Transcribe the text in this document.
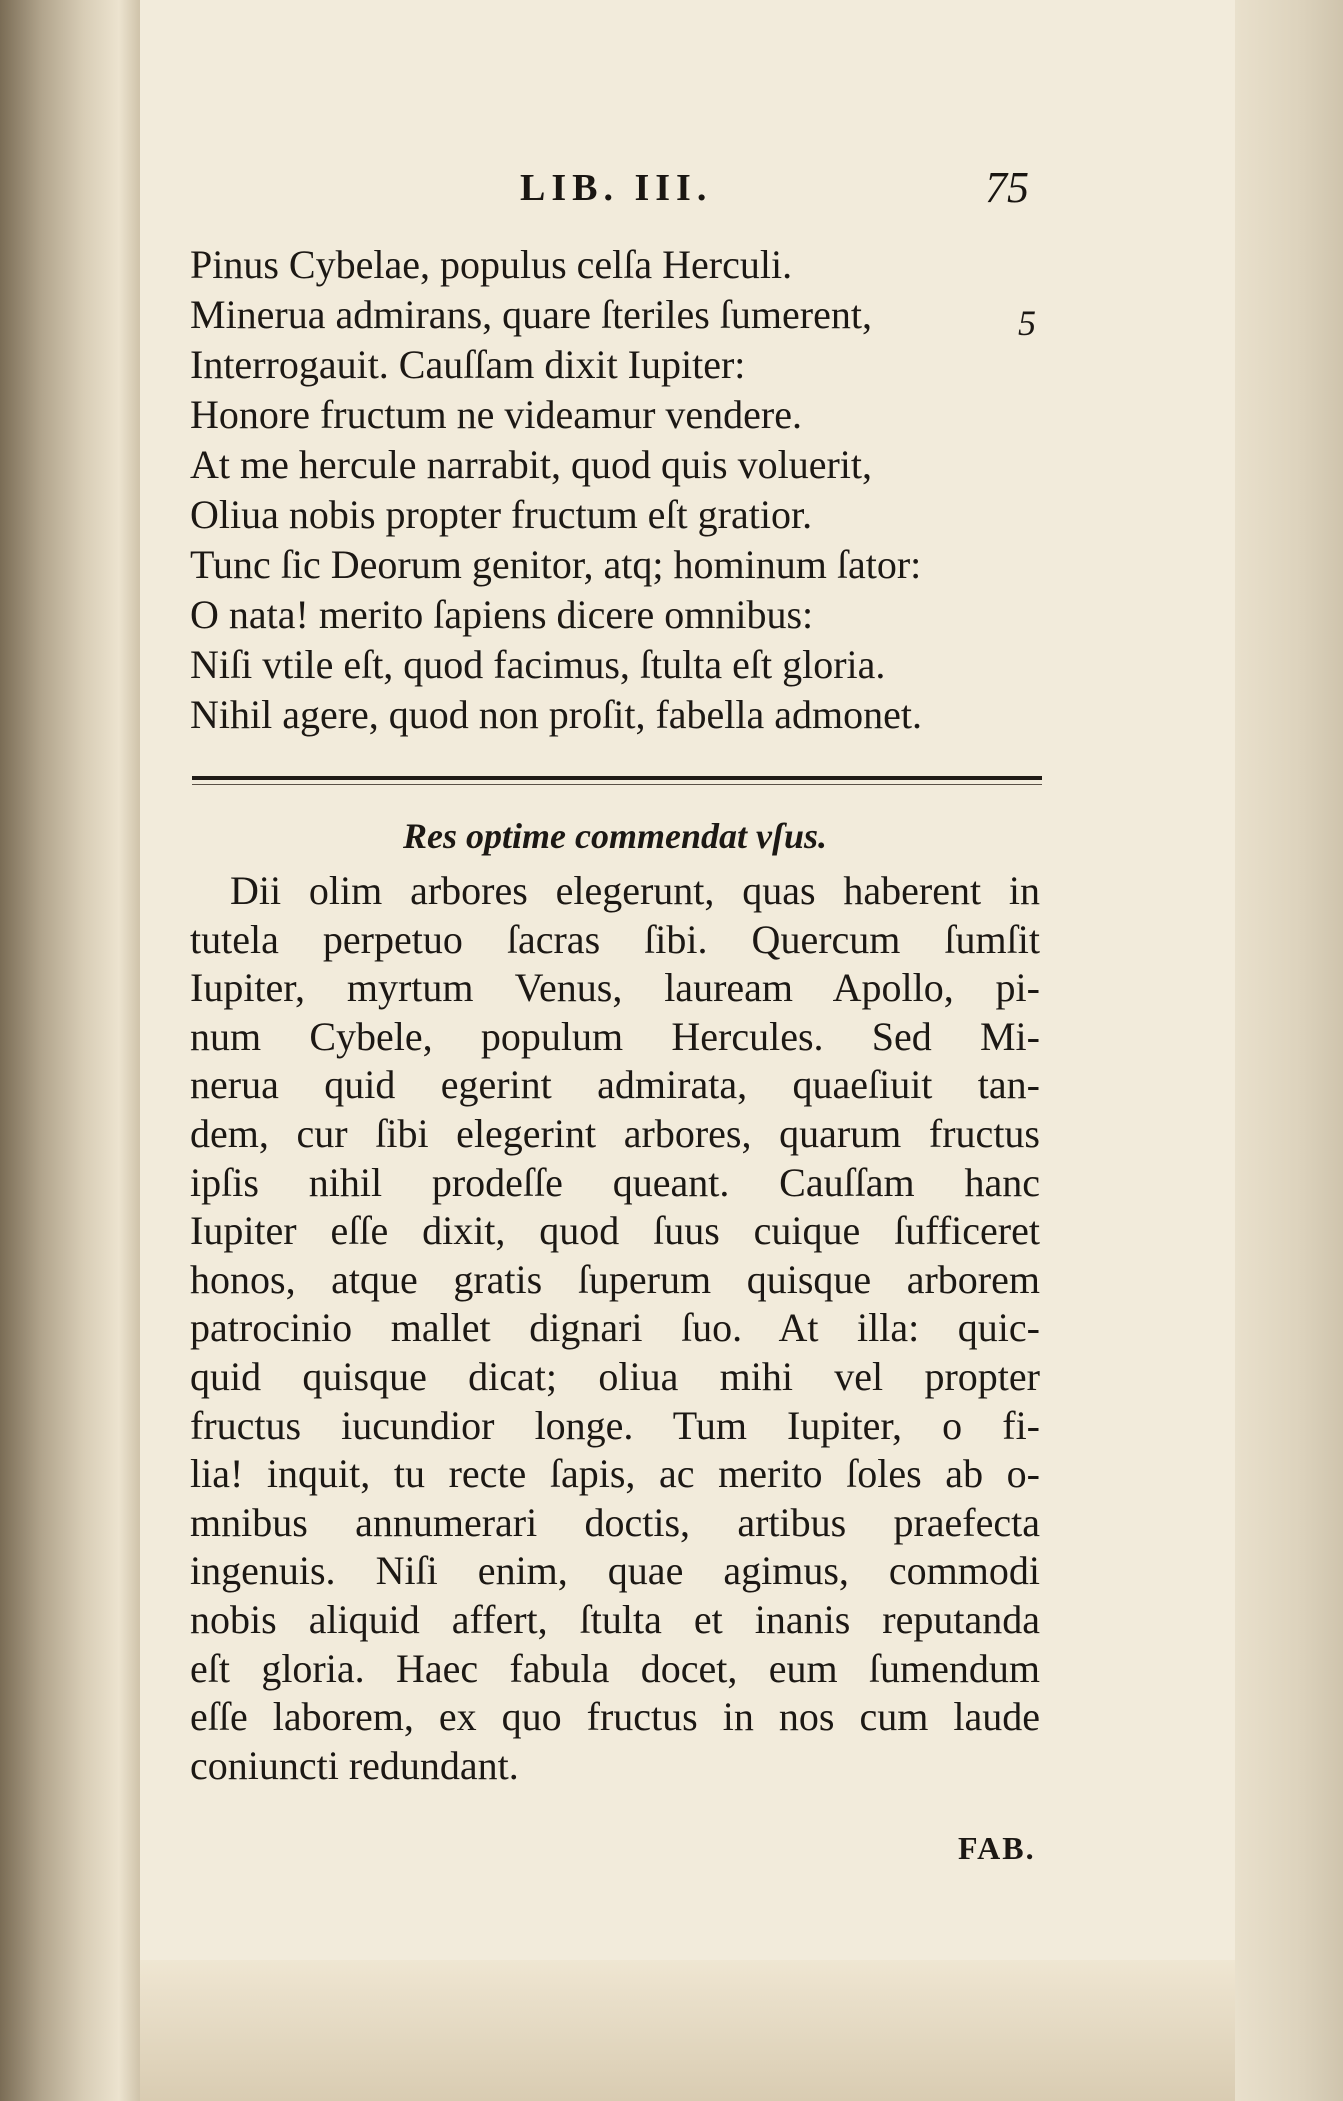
LIB. III.	75
Pinus Cybelae, populus celſa Herculi.
Minerua admirans, quare ſteriles ſumerent,
Interrogauit. Cauſſam dixit Iupiter:
Honore fructum ne videamur vendere.
At me hercule narrabit, quod quis voluerit,
Oliua nobis propter fructum eſt gratior.
Tunc ſic Deorum genitor, atq; hominum ſator:
O nata! merito ſapiens dicere omnibus:
Niſi vtile eſt, quod facimus, ſtulta eſt gloria.
Nihil agere, quod non proſit, fabella admonet.
5
Res optime commendat vſus.
Dii olim arbores elegerunt, quas haberent in
tutela perpetuo ſacras ſibi. Quercum ſumſit
Iupiter, myrtum Venus, lauream Apollo, pi-
num Cybele, populum Hercules. Sed Mi-
nerua quid egerint admirata, quaeſiuit tan-
dem, cur ſibi elegerint arbores, quarum fructus
ipſis nihil prodeſſe queant. Cauſſam hanc
Iupiter eſſe dixit, quod ſuus cuique ſufficeret
honos, atque gratis ſuperum quisque arborem
patrocinio mallet dignari ſuo. At illa: quic-
quid quisque dicat; oliua mihi vel propter
fructus iucundior longe. Tum Iupiter, o fi-
lia! inquit, tu recte ſapis, ac merito ſoles ab o-
mnibus annumerari doctis, artibus praefecta
ingenuis. Niſi enim, quae agimus, commodi
nobis aliquid affert, ſtulta et inanis reputanda
eſt gloria. Haec fabula docet, eum ſumendum
eſſe laborem, ex quo fructus in nos cum laude
coniuncti redundant.
FAB.
